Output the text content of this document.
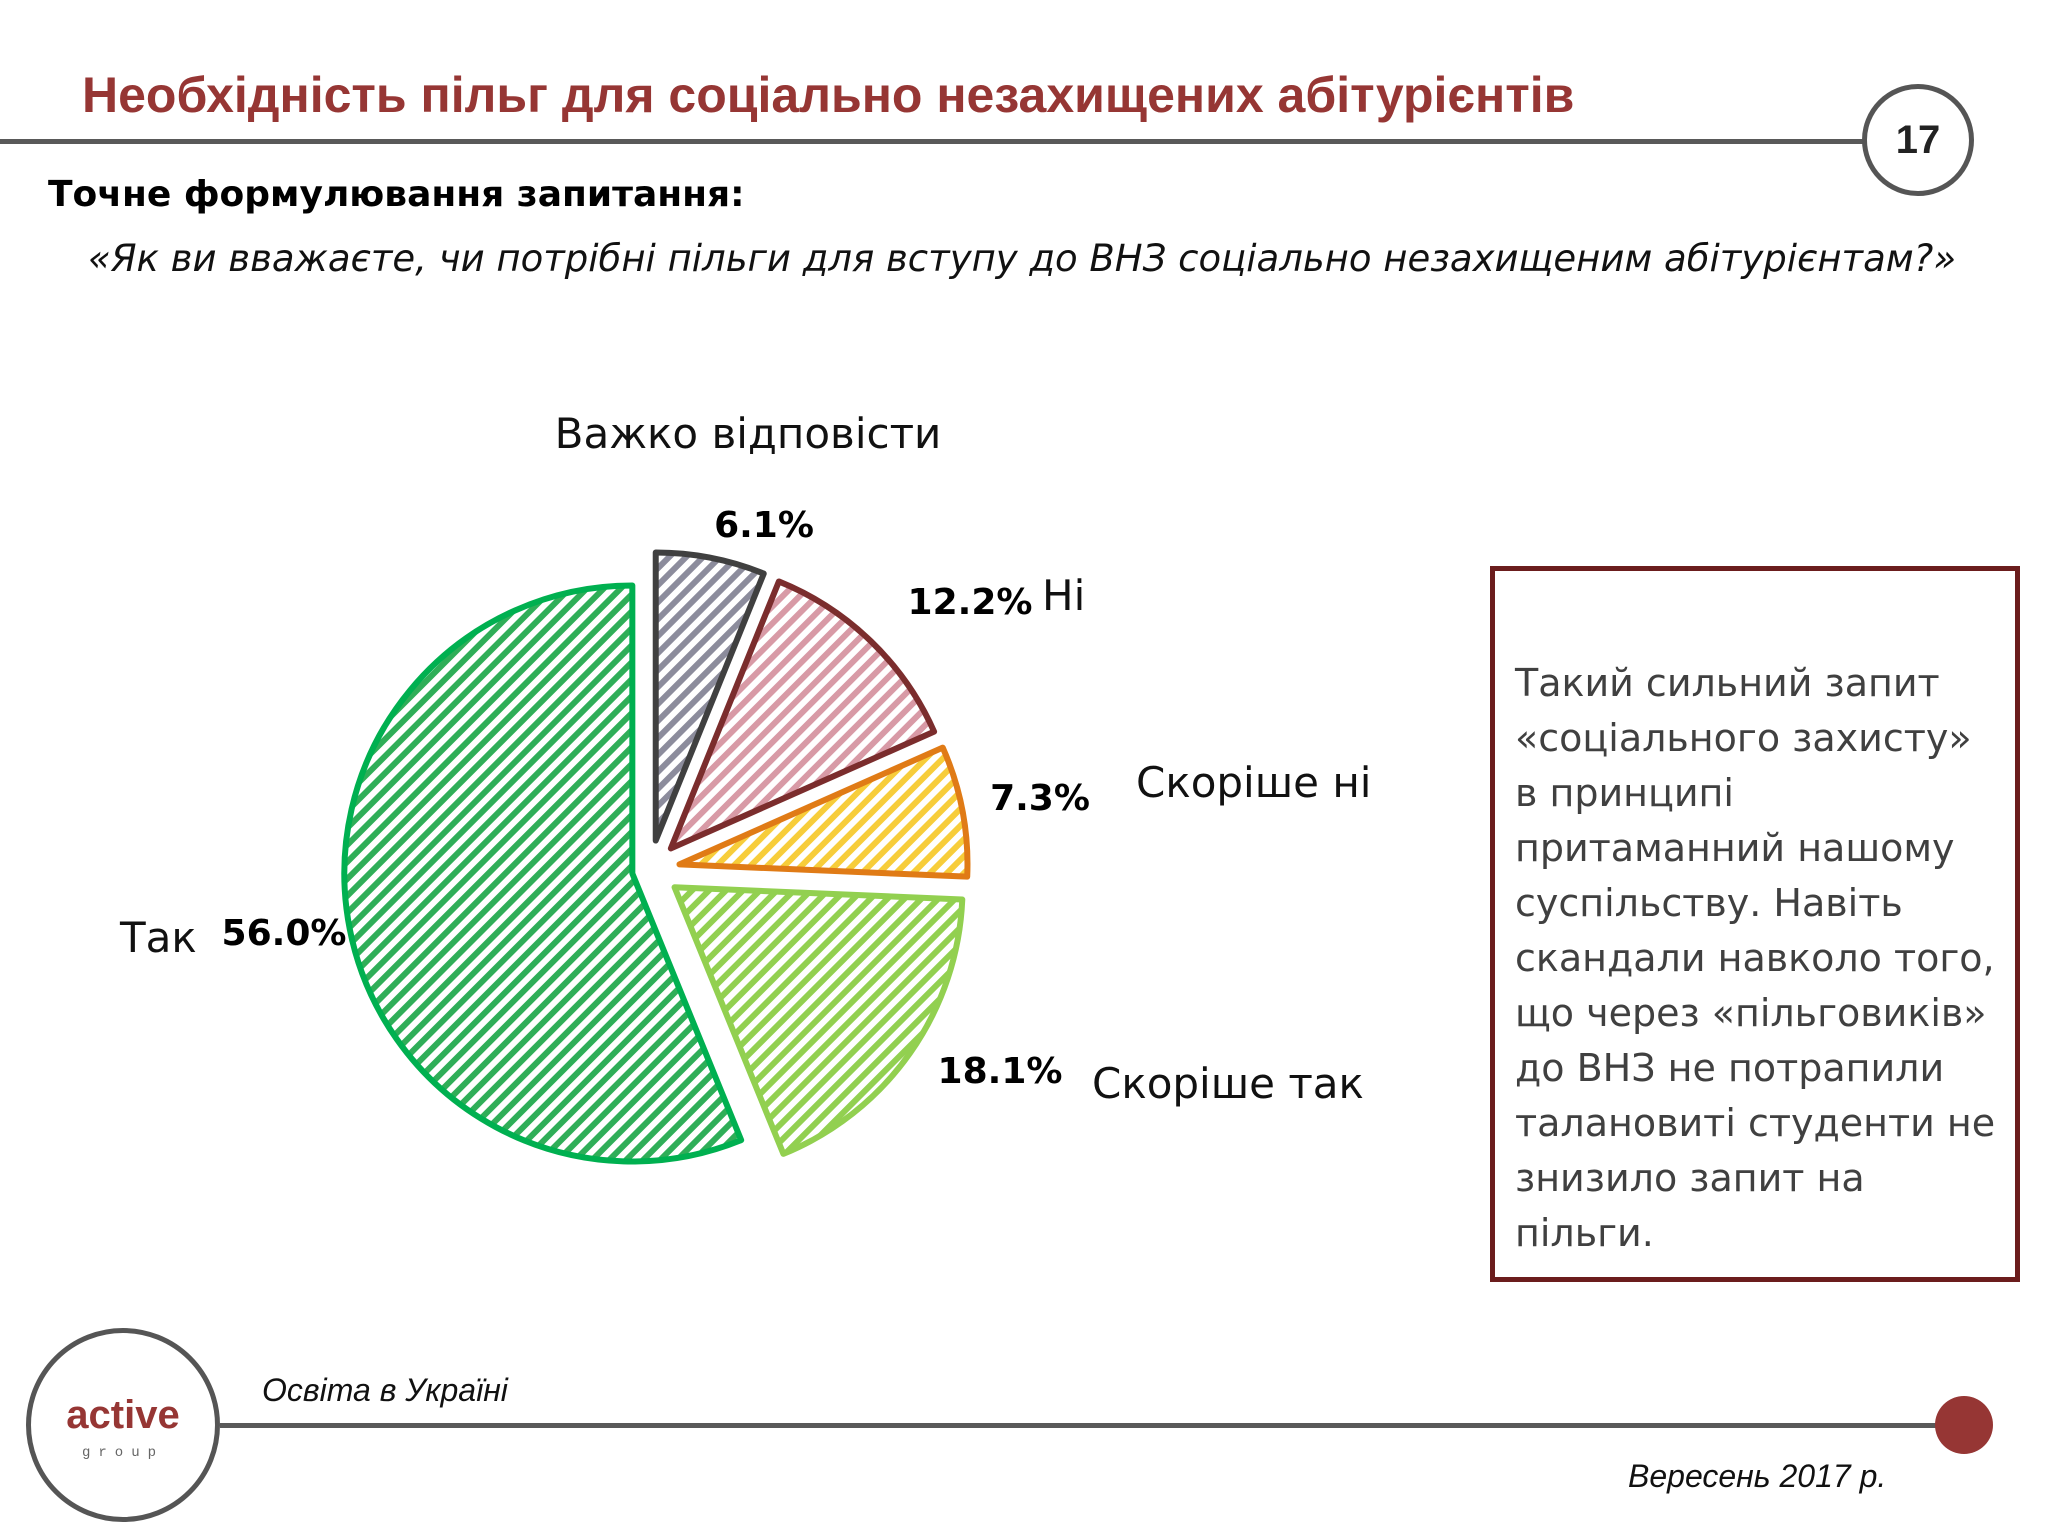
Необхідність пільг для соціально незахищених абітурієнтів
17
Точне формулювання запитання:
«Як ви вважаєте, чи потрібні пільги для вступу до ВНЗ соціально незахищеним абітурієнтам?»
Важко відповісти
6.1%
Ні
12.2%
Скоріше ні
7.3%
Скоріше так
18.1%
Так 56.0%
Такий сильний запит «соціального захисту» в принципі притаманний нашому суспільству. Навіть скандали навколо того, що через «пільговиків» до ВНЗ не потрапили талановиті студенти не знизило запит на пільги.
active
group
Освіта в Україні
Вересень 2017 р.
